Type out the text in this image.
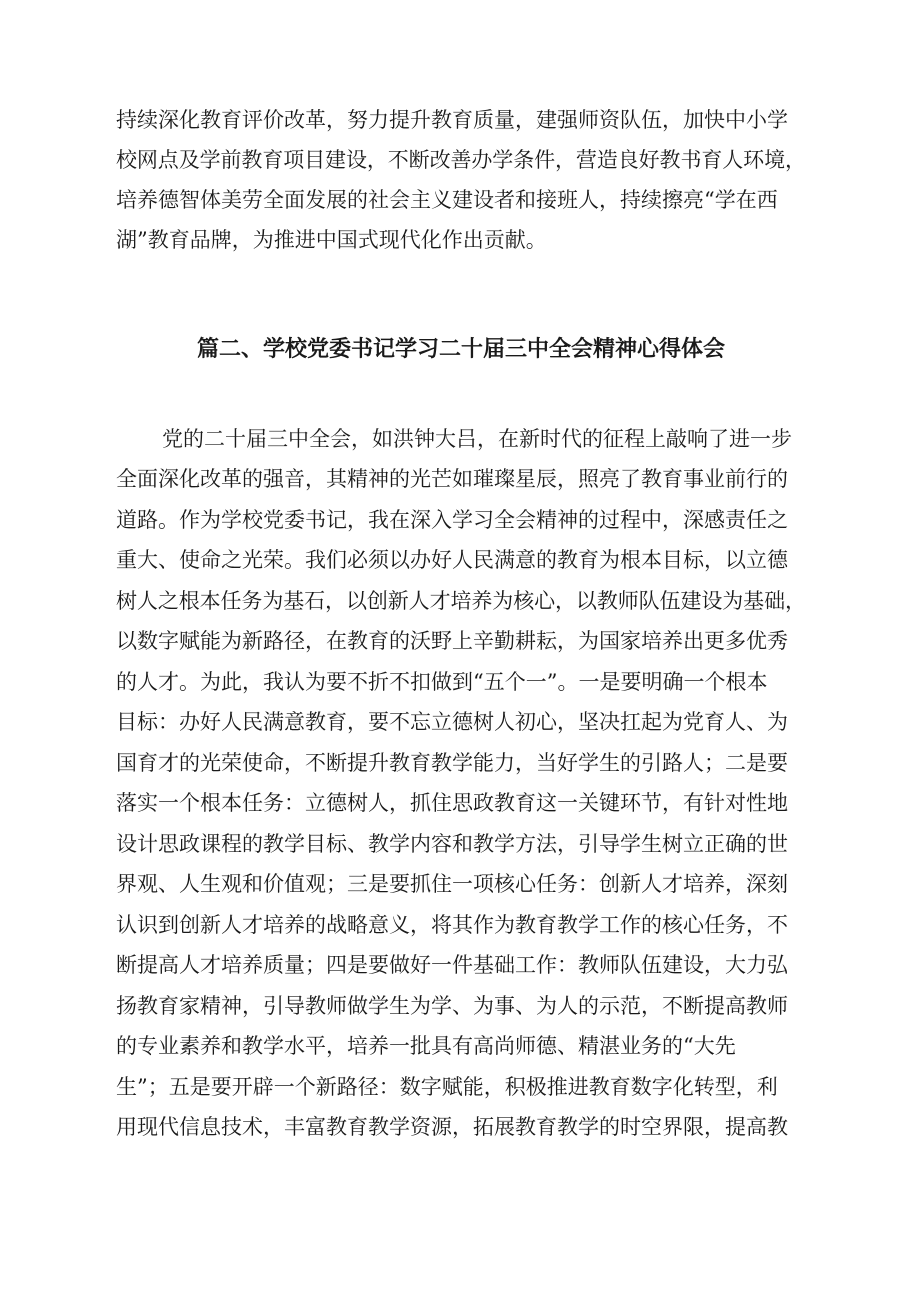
持续深化教育评价改革，努力提升教育质量，建强师资队伍，加快中小学
校网点及学前教育项目建设，不断改善办学条件，营造良好教书育人环境，
培养德智体美劳全面发展的社会主义建设者和接班人，持续擦亮“学在西
湖”教育品牌，为推进中国式现代化作出贡献。
篇二、学校党委书记学习二十届三中全会精神心得体会
党的二十届三中全会，如洪钟大吕，在新时代的征程上敲响了进一步
全面深化改革的强音，其精神的光芒如璀璨星辰，照亮了教育事业前行的
道路。作为学校党委书记，我在深入学习全会精神的过程中，深感责任之
重大、使命之光荣。我们必须以办好人民满意的教育为根本目标，以立德
树人之根本任务为基石，以创新人才培养为核心，以教师队伍建设为基础，
以数字赋能为新路径，在教育的沃野上辛勤耕耘，为国家培养出更多优秀
的人才。为此，我认为要不折不扣做到“五个一”。一是要明确一个根本
目标：办好人民满意教育，要不忘立德树人初心，坚决扛起为党育人、为
国育才的光荣使命，不断提升教育教学能力，当好学生的引路人；二是要
落实一个根本任务：立德树人，抓住思政教育这一关键环节，有针对性地
设计思政课程的教学目标、教学内容和教学方法，引导学生树立正确的世
界观、人生观和价值观；三是要抓住一项核心任务：创新人才培养，深刻
认识到创新人才培养的战略意义，将其作为教育教学工作的核心任务，不
断提高人才培养质量；四是要做好一件基础工作：教师队伍建设，大力弘
扬教育家精神，引导教师做学生为学、为事、为人的示范，不断提高教师
的专业素养和教学水平，培养一批具有高尚师德、精湛业务的“大先
生”；五是要开辟一个新路径：数字赋能，积极推进教育数字化转型，利
用现代信息技术，丰富教育教学资源，拓展教育教学的时空界限，提高教
